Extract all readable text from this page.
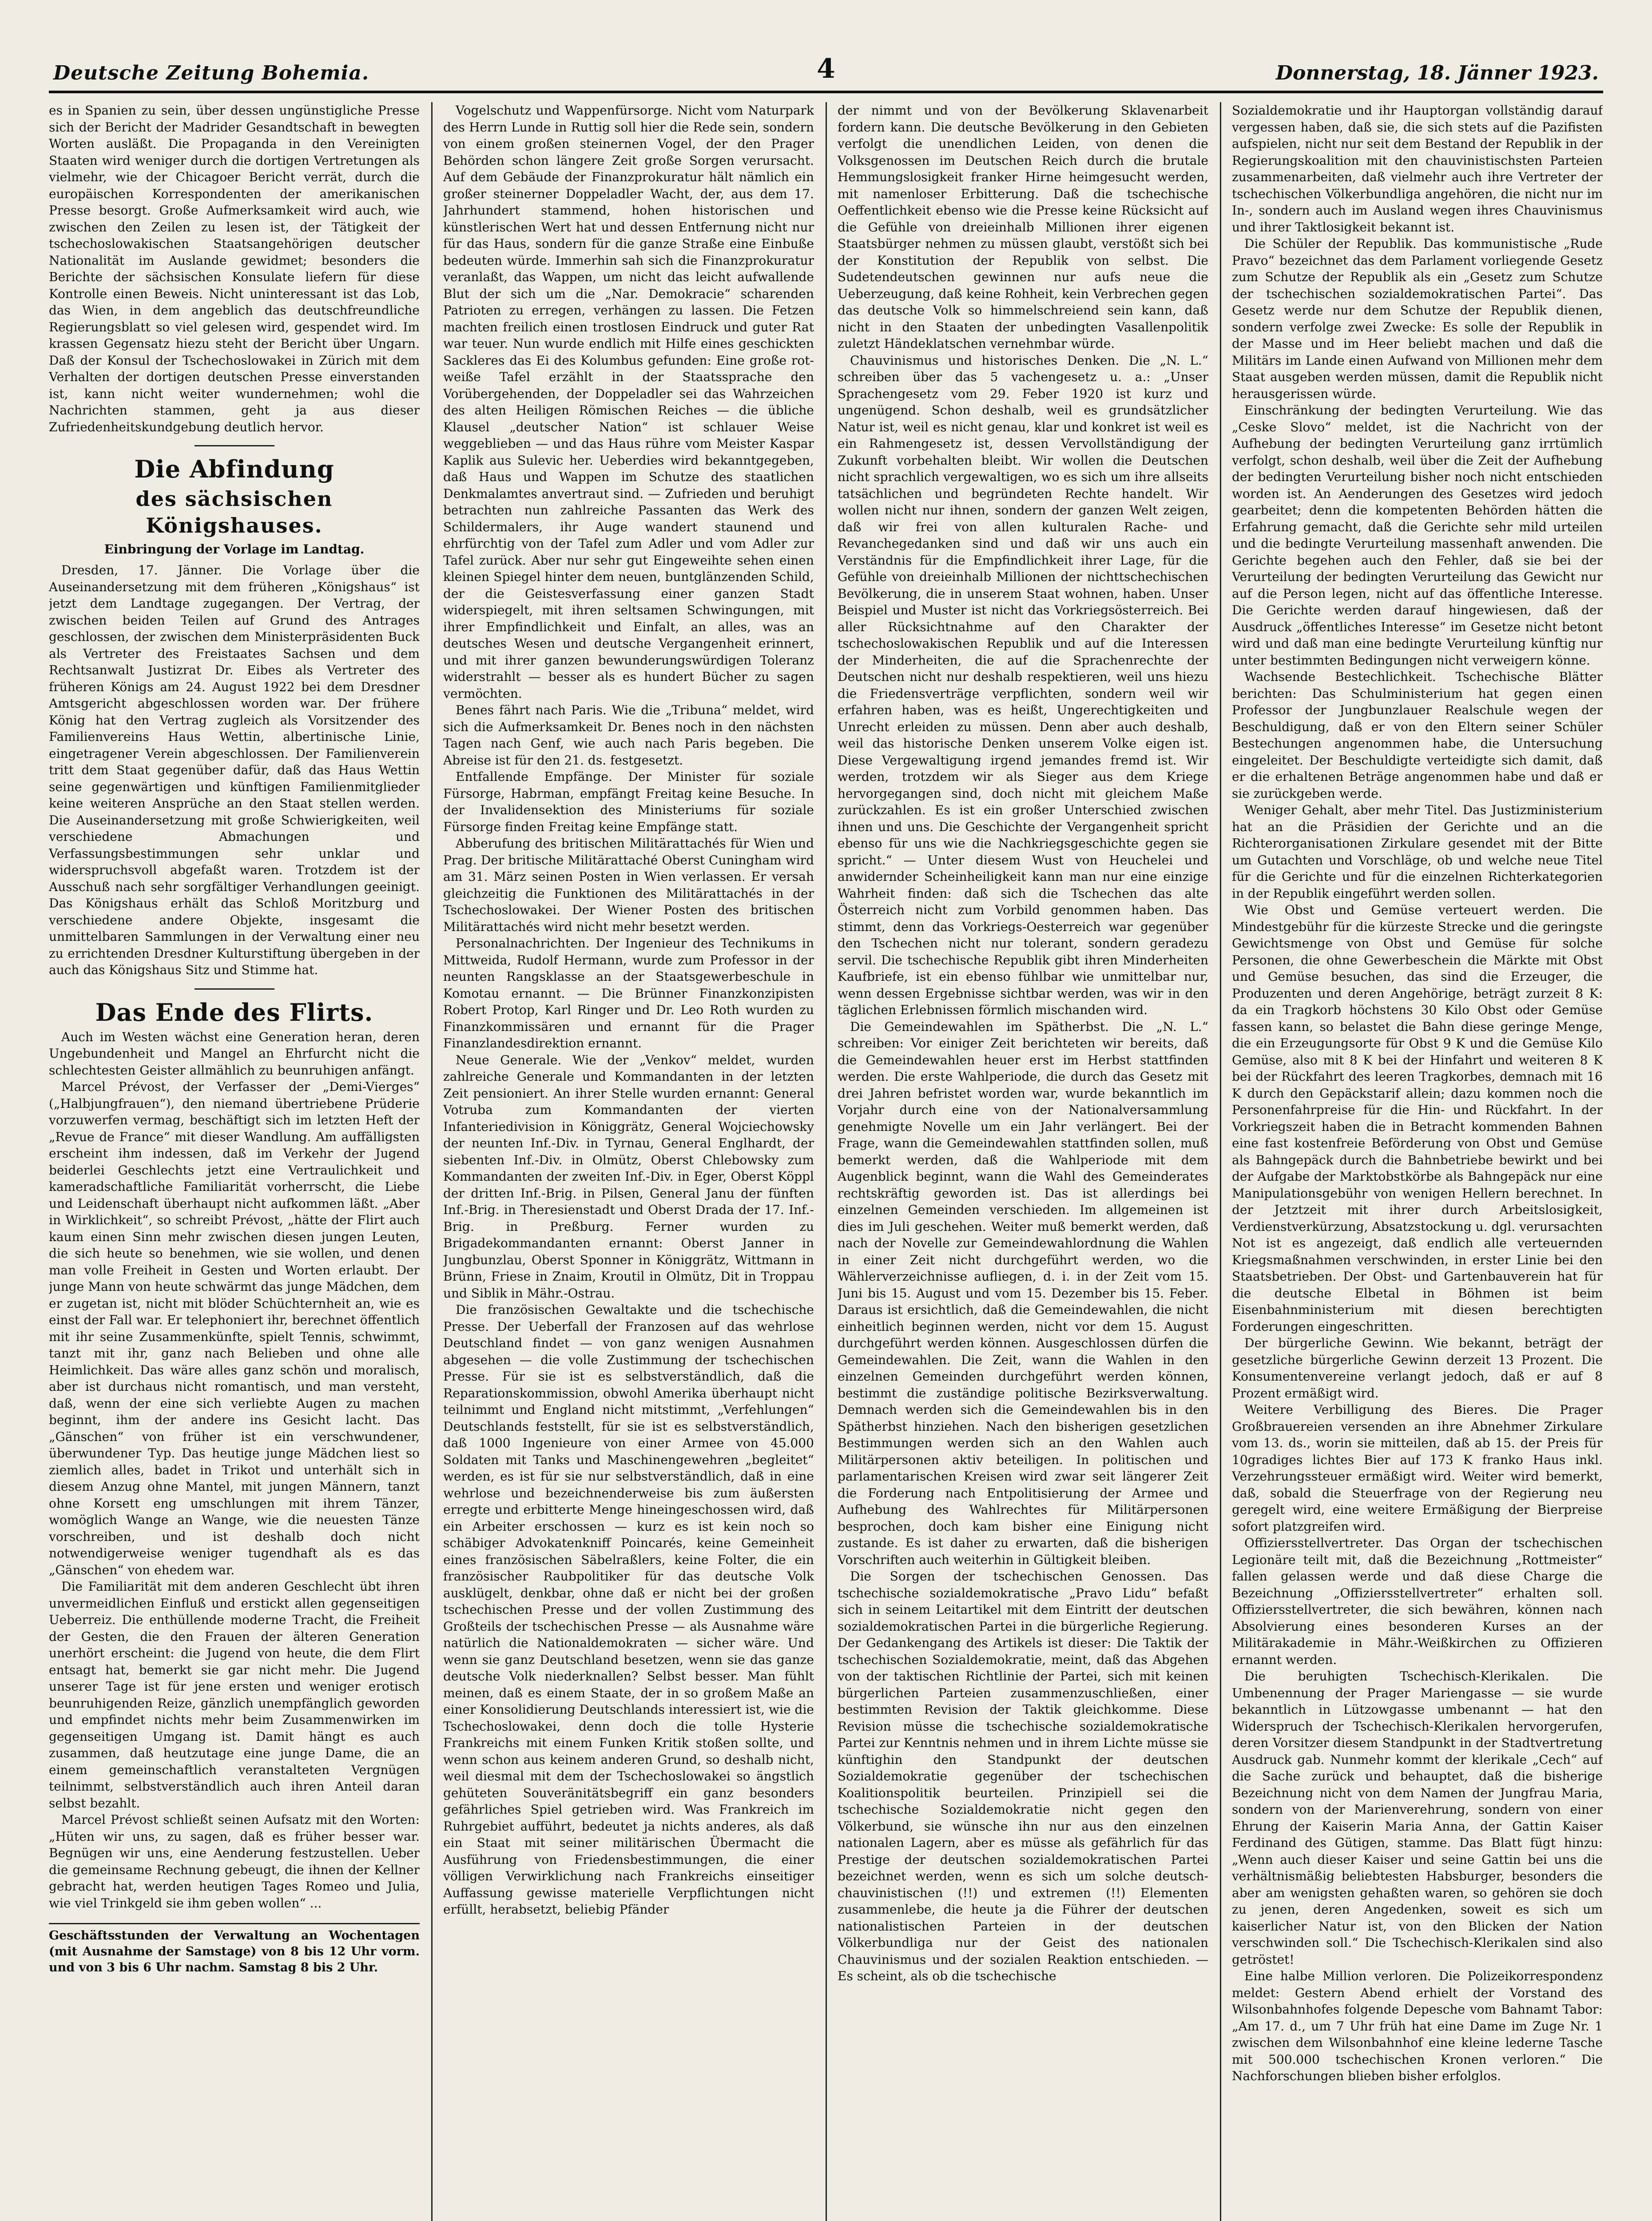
Deutsche Zeitung Bohemia.	4	Donnerstag, 18. Jänner 1923.

es in Spanien zu sein, über dessen ungünstigliche Presse sich der Bericht der Madrider Gesandtschaft in bewegten Worten ausläßt. Die Propaganda in den Vereinigten Staaten wird weniger durch die dortigen Vertretungen als vielmehr, wie der Chicagoer Bericht verrät, durch die europäischen Korrespondenten der amerikanischen Presse besorgt. Große Aufmerksamkeit wird auch, wie zwischen den Zeilen zu lesen ist, der Tätigkeit der tschechoslowakischen Staatsangehörigen deutscher Nationalität im Auslande gewidmet; besonders die Berichte der sächsischen Konsulate liefern für diese Kontrolle einen Beweis. Nicht uninteressant ist das Lob, das Wien, in dem angeblich das deutschfreundliche Regierungsblatt so viel gelesen wird, gespendet wird. Im krassen Gegensatz hiezu steht der Bericht über Ungarn. Daß der Konsul der Tschechoslowakei in Zürich mit dem Verhalten der dortigen deutschen Presse einverstanden ist, kann nicht weiter wundernehmen; wohl die Nachrichten stammen, geht ja aus dieser Zufriedenheitskundgebung deutlich hervor.

Die Abfindung
des sächsischen Königshauses.
Einbringung der Vorlage im Landtag.

Dresden, 17. Jänner. Die Vorlage über die Auseinandersetzung mit dem früheren „Königshaus“ ist jetzt dem Landtage zugegangen. Der Vertrag, der zwischen beiden Teilen auf Grund des Antrages geschlossen, der zwischen dem Ministerpräsidenten Buck als Vertreter des Freistaates Sachsen und dem Rechtsanwalt Justizrat Dr. Eibes als Vertreter des früheren Königs am 24. August 1922 bei dem Dresdner Amtsgericht abgeschlossen worden war. Der frühere König hat den Vertrag zugleich als Vorsitzender des Familienvereins Haus Wettin, albertinische Linie, eingetragener Verein abgeschlossen. Der Familienverein tritt dem Staat gegenüber dafür, daß das Haus Wettin seine gegenwärtigen und künftigen Familienmitglieder keine weiteren Ansprüche an den Staat stellen werden. Die Auseinandersetzung mit große Schwierigkeiten, weil verschiedene Abmachungen und Verfassungsbestimmungen sehr unklar und widerspruchsvoll abgefaßt waren. Trotzdem ist der Ausschuß nach sehr sorgfältiger Verhandlungen geeinigt. Das Königshaus erhält das Schloß Moritzburg und verschiedene andere Objekte, insgesamt die unmittelbaren Sammlungen in der Verwaltung einer neu zu errichtenden Dresdner Kulturstiftung übergeben in der auch das Königshaus Sitz und Stimme hat.

Das Ende des Flirts.

Auch im Westen wächst eine Generation heran, deren Ungebundenheit und Mangel an Ehrfurcht nicht die schlechtesten Geister allmählich zu beunruhigen anfängt.

Marcel Prévost, der Verfasser der „Demi-Vierges“ („Halbjungfrauen“), den niemand übertriebene Prüderie vorzuwerfen vermag, beschäftigt sich im letzten Heft der „Revue de France“ mit dieser Wandlung. Am auffälligsten erscheint ihm indessen, daß im Verkehr der Jugend beiderlei Geschlechts jetzt eine Vertraulichkeit und kameradschaftliche Familiarität vorherrscht, die Liebe und Leidenschaft überhaupt nicht aufkommen läßt. „Aber in Wirklichkeit“, so schreibt Prévost, „hätte der Flirt auch kaum einen Sinn mehr zwischen diesen jungen Leuten, die sich heute so benehmen, wie sie wollen, und denen man volle Freiheit in Gesten und Worten erlaubt. Der junge Mann von heute schwärmt das junge Mädchen, dem er zugetan ist, nicht mit blöder Schüchternheit an, wie es einst der Fall war. Er telephoniert ihr, berechnet öffentlich mit ihr seine Zusammenkünfte, spielt Tennis, schwimmt, tanzt mit ihr, ganz nach Belieben und ohne alle Heimlichkeit. Das wäre alles ganz schön und moralisch, aber ist durchaus nicht romantisch, und man versteht, daß, wenn der eine sich verliebte Augen zu machen beginnt, ihm der andere ins Gesicht lacht. Das „Gänschen“ von früher ist ein verschwundener, überwundener Typ. Das heutige junge Mädchen liest so ziemlich alles, badet in Trikot und unterhält sich in diesem Anzug ohne Mantel, mit jungen Männern, tanzt ohne Korsett eng umschlungen mit ihrem Tänzer, womöglich Wange an Wange, wie die neuesten Tänze vorschreiben, und ist deshalb doch nicht notwendigerweise weniger tugendhaft als es das „Gänschen“ von ehedem war.

Die Familiarität mit dem anderen Geschlecht übt ihren unvermeidlichen Einfluß und erstickt allen gegenseitigen Ueberreiz. Die enthüllende moderne Tracht, die Freiheit der Gesten, die den Frauen der älteren Generation unerhört erscheint: die Jugend von heute, die dem Flirt entsagt hat, bemerkt sie gar nicht mehr. Die Jugend unserer Tage ist für jene ersten und weniger erotisch beunruhigenden Reize, gänzlich unempfänglich geworden und empfindet nichts mehr beim Zusammenwirken im gegenseitigen Umgang ist. Damit hängt es auch zusammen, daß heutzutage eine junge Dame, die an einem gemeinschaftlich veranstalteten Vergnügen teilnimmt, selbstverständlich auch ihren Anteil daran selbst bezahlt.

Marcel Prévost schließt seinen Aufsatz mit den Worten: „Hüten wir uns, zu sagen, daß es früher besser war. Begnügen wir uns, eine Aenderung festzustellen. Ueber die gemeinsame Rechnung gebeugt, die ihnen der Kellner gebracht hat, werden heutigen Tages Romeo und Julia, wie viel Trinkgeld sie ihm geben wollen“ ...

Geschäftsstunden der Verwaltung an Wochentagen (mit Ausnahme der Samstage) von 8 bis 12 Uhr vorm. und von 3 bis 6 Uhr nachm. Samstag 8 bis 2 Uhr.

Vogelschutz und Wappenfürsorge. Nicht vom Naturpark des Herrn Lunde in Ruttig soll hier die Rede sein, sondern von einem großen steinernen Vogel, der den Prager Behörden schon längere Zeit große Sorgen verursacht. Auf dem Gebäude der Finanzprokuratur hält nämlich ein großer steinerner Doppeladler Wacht, der, aus dem 17. Jahrhundert stammend, hohen historischen und künstlerischen Wert hat und dessen Entfernung nicht nur für das Haus, sondern für die ganze Straße eine Einbuße bedeuten würde. Immerhin sah sich die Finanzprokuratur veranlaßt, das Wappen, um nicht das leicht aufwallende Blut der sich um die „Nar. Demokracie“ scharenden Patrioten zu erregen, verhängen zu lassen. Die Fetzen machten freilich einen trostlosen Eindruck und guter Rat war teuer. Nun wurde endlich mit Hilfe eines geschickten Sackleres das Ei des Kolumbus gefunden: Eine große rot-weiße Tafel erzählt in der Staatssprache den Vorübergehenden, der Doppeladler sei das Wahrzeichen des alten Heiligen Römischen Reiches — die übliche Klausel „deutscher Nation“ ist schlauer Weise weggeblieben — und das Haus rühre vom Meister Kaspar Kaplik aus Sulevic her. Ueberdies wird bekanntgegeben, daß Haus und Wappen im Schutze des staatlichen Denkmalamtes anvertraut sind. — Zufrieden und beruhigt betrachten nun zahlreiche Passanten das Werk des Schildermalers, ihr Auge wandert staunend und ehrfürchtig von der Tafel zum Adler und vom Adler zur Tafel zurück. Aber nur sehr gut Eingeweihte sehen einen kleinen Spiegel hinter dem neuen, buntglänzenden Schild, der die Geistesverfassung einer ganzen Stadt widerspiegelt, mit ihren seltsamen Schwingungen, mit ihrer Empfindlichkeit und Einfalt, an alles, was an deutsches Wesen und deutsche Vergangenheit erinnert, und mit ihrer ganzen bewunderungswürdigen Toleranz widerstrahlt — besser als es hundert Bücher zu sagen vermöchten.

Benes fährt nach Paris. Wie die „Tribuna“ meldet, wird sich die Aufmerksamkeit Dr. Benes noch in den nächsten Tagen nach Genf, wie auch nach Paris begeben. Die Abreise ist für den 21. ds. festgesetzt.

Entfallende Empfänge. Der Minister für soziale Fürsorge, Habrman, empfängt Freitag keine Besuche. In der Invalidensektion des Ministeriums für soziale Fürsorge finden Freitag keine Empfänge statt.

Abberufung des britischen Militärattachés für Wien und Prag. Der britische Militärattaché Oberst Cuningham wird am 31. März seinen Posten in Wien verlassen. Er versah gleichzeitig die Funktionen des Militärattachés in der Tschechoslowakei. Der Wiener Posten des britischen Militärattachés wird nicht mehr besetzt werden.

Personalnachrichten. Der Ingenieur des Technikums in Mittweida, Rudolf Hermann, wurde zum Professor in der neunten Rangsklasse an der Staatsgewerbeschule in Komotau ernannt. — Die Brünner Finanzkonzipisten Robert Protop, Karl Ringer und Dr. Leo Roth wurden zu Finanzkommissären und ernannt für die Prager Finanzlandesdirektion ernannt.

Neue Generale. Wie der „Venkov“ meldet, wurden zahlreiche Generale und Kommandanten in der letzten Zeit pensioniert. An ihrer Stelle wurden ernannt: General Votruba zum Kommandanten der vierten Infanteriedivision in Königgrätz, General Wojciechowsky der neunten Inf.-Div. in Tyrnau, General Englhardt, der siebenten Inf.-Div. in Olmütz, Oberst Chlebowsky zum Kommandanten der zweiten Inf.-Div. in Eger, Oberst Köppl der dritten Inf.-Brig. in Pilsen, General Janu der fünften Inf.-Brig. in Theresienstadt und Oberst Drada der 17. Inf.-Brig. in Preßburg. Ferner wurden zu Brigadekommandanten ernannt: Oberst Janner in Jungbunzlau, Oberst Sponner in Königgrätz, Wittmann in Brünn, Friese in Znaim, Kroutil in Olmütz, Dit in Troppau und Siblik in Mähr.-Ostrau.

Die französischen Gewaltakte und die tschechische Presse. Der Ueberfall der Franzosen auf das wehrlose Deutschland findet — von ganz wenigen Ausnahmen abgesehen — die volle Zustimmung der tschechischen Presse. Für sie ist es selbstverständlich, daß die Reparationskommission, obwohl Amerika überhaupt nicht teilnimmt und England nicht mitstimmt, „Verfehlungen“ Deutschlands feststellt, für sie ist es selbstverständlich, daß 1000 Ingenieure von einer Armee von 45.000 Soldaten mit Tanks und Maschinengewehren „begleitet“ werden, es ist für sie nur selbstverständlich, daß in eine wehrlose und bezeichnenderweise bis zum äußersten erregte und erbitterte Menge hineingeschossen wird, daß ein Arbeiter erschossen — kurz es ist kein noch so schäbiger Advokatenkniff Poincarés, keine Gemeinheit eines französischen Säbelraßlers, keine Folter, die ein französischer Raubpolitiker für das deutsche Volk ausklügelt, denkbar, ohne daß er nicht bei der großen tschechischen Presse und der vollen Zustimmung des Großteils der tschechischen Presse — als Ausnahme wäre natürlich die Nationaldemokraten — sicher wäre. Und wenn sie ganz Deutschland besetzen, wenn sie das ganze deutsche Volk niederknallen? Selbst besser. Man fühlt meinen, daß es einem Staate, der in so großem Maße an einer Konsolidierung Deutschlands interessiert ist, wie die Tschechoslowakei, denn doch die tolle Hysterie Frankreichs mit einem Funken Kritik stoßen sollte, und wenn schon aus keinem anderen Grund, so deshalb nicht, weil diesmal mit dem der Tschechoslowakei so ängstlich gehüteten Souveränitätsbegriff ein ganz besonders gefährliches Spiel getrieben wird. Was Frankreich im Ruhrgebiet aufführt, bedeutet ja nichts anderes, als daß ein Staat mit seiner militärischen Übermacht die Ausführung von Friedensbestimmungen, die einer völligen Verwirklichung nach Frankreichs einseitiger Auffassung gewisse materielle Verpflichtungen nicht erfüllt, herabsetzt, beliebig Pfänder

der nimmt und von der Bevölkerung Sklavenarbeit fordern kann. Die deutsche Bevölkerung in den Gebieten verfolgt die unendlichen Leiden, von denen die Volksgenossen im Deutschen Reich durch die brutale Hemmungslosigkeit franker Hirne heimgesucht werden, mit namenloser Erbitterung. Daß die tschechische Oeffentlichkeit ebenso wie die Presse keine Rücksicht auf die Gefühle von dreieinhalb Millionen ihrer eigenen Staatsbürger nehmen zu müssen glaubt, verstößt sich bei der Konstitution der Republik von selbst. Die Sudetendeutschen gewinnen nur aufs neue die Ueberzeugung, daß keine Rohheit, kein Verbrechen gegen das deutsche Volk so himmelschreiend sein kann, daß nicht in den Staaten der unbedingten Vasallenpolitik zuletzt Händeklatschen vernehmbar würde.

Chauvinismus und historisches Denken. Die „N. L.“ schreiben über das 5 vachengesetz u. a.: „Unser Sprachengesetz vom 29. Feber 1920 ist kurz und ungenügend. Schon deshalb, weil es grundsätzlicher Natur ist, weil es nicht genau, klar und konkret ist weil es ein Rahmengesetz ist, dessen Vervollständigung der Zukunft vorbehalten bleibt. Wir wollen die Deutschen nicht sprachlich vergewaltigen, wo es sich um ihre allseits tatsächlichen und begründeten Rechte handelt. Wir wollen nicht nur ihnen, sondern der ganzen Welt zeigen, daß wir frei von allen kulturalen Rache- und Revanchegedanken sind und daß wir uns auch ein Verständnis für die Empfindlichkeit ihrer Lage, für die Gefühle von dreieinhalb Millionen der nichttschechischen Bevölkerung, die in unserem Staat wohnen, haben. Unser Beispiel und Muster ist nicht das Vorkriegsösterreich. Bei aller Rücksichtnahme auf den Charakter der tschechoslowakischen Republik und auf die Interessen der Minderheiten, die auf die Sprachenrechte der Deutschen nicht nur deshalb respektieren, weil uns hiezu die Friedensverträge verpflichten, sondern weil wir erfahren haben, was es heißt, Ungerechtigkeiten und Unrecht erleiden zu müssen. Denn aber auch deshalb, weil das historische Denken unserem Volke eigen ist. Diese Vergewaltigung irgend jemandes fremd ist. Wir werden, trotzdem wir als Sieger aus dem Kriege hervorgegangen sind, doch nicht mit gleichem Maße zurückzahlen. Es ist ein großer Unterschied zwischen ihnen und uns. Die Geschichte der Vergangenheit spricht ebenso für uns wie die Nachkriegsgeschichte gegen sie spricht.“ — Unter diesem Wust von Heuchelei und anwidernder Scheinheiligkeit kann man nur eine einzige Wahrheit finden: daß sich die Tschechen das alte Österreich nicht zum Vorbild genommen haben. Das stimmt, denn das Vorkriegs-Oesterreich war gegenüber den Tschechen nicht nur tolerant, sondern geradezu servil. Die tschechische Republik gibt ihren Minderheiten Kaufbriefe, ist ein ebenso fühlbar wie unmittelbar nur, wenn dessen Ergebnisse sichtbar werden, was wir in den täglichen Erlebnissen förmlich mischanden wird.

Die Gemeindewahlen im Spätherbst. Die „N. L.“ schreiben: Vor einiger Zeit berichteten wir bereits, daß die Gemeindewahlen heuer erst im Herbst stattfinden werden. Die erste Wahlperiode, die durch das Gesetz mit drei Jahren befristet worden war, wurde bekanntlich im Vorjahr durch eine von der Nationalversammlung genehmigte Novelle um ein Jahr verlängert. Bei der Frage, wann die Gemeindewahlen stattfinden sollen, muß bemerkt werden, daß die Wahlperiode mit dem Augenblick beginnt, wann die Wahl des Gemeinderates rechtskräftig geworden ist. Das ist allerdings bei einzelnen Gemeinden verschieden. Im allgemeinen ist dies im Juli geschehen. Weiter muß bemerkt werden, daß nach der Novelle zur Gemeindewahlordnung die Wahlen in einer Zeit nicht durchgeführt werden, wo die Wählerverzeichnisse aufliegen, d. i. in der Zeit vom 15. Juni bis 15. August und vom 15. Dezember bis 15. Feber. Daraus ist ersichtlich, daß die Gemeindewahlen, die nicht einheitlich beginnen werden, nicht vor dem 15. August durchgeführt werden können. Ausgeschlossen dürfen die Gemeindewahlen. Die Zeit, wann die Wahlen in den einzelnen Gemeinden durchgeführt werden können, bestimmt die zuständige politische Bezirksverwaltung. Demnach werden sich die Gemeindewahlen bis in den Spätherbst hinziehen. Nach den bisherigen gesetzlichen Bestimmungen werden sich an den Wahlen auch Militärpersonen aktiv beteiligen. In politischen und parlamentarischen Kreisen wird zwar seit längerer Zeit die Forderung nach Entpolitisierung der Armee und Aufhebung des Wahlrechtes für Militärpersonen besprochen, doch kam bisher eine Einigung nicht zustande. Es ist daher zu erwarten, daß die bisherigen Vorschriften auch weiterhin in Gültigkeit bleiben.

Die Sorgen der tschechischen Genossen. Das tschechische sozialdemokratische „Pravo Lidu“ befaßt sich in seinem Leitartikel mit dem Eintritt der deutschen sozialdemokratischen Partei in die bürgerliche Regierung. Der Gedankengang des Artikels ist dieser: Die Taktik der tschechischen Sozialdemokratie, meint, daß das Abgehen von der taktischen Richtlinie der Partei, sich mit keinen bürgerlichen Parteien zusammenzuschließen, einer bestimmten Revision der Taktik gleichkomme. Diese Revision müsse die tschechische sozialdemokratische Partei zur Kenntnis nehmen und in ihrem Lichte müsse sie künftighin den Standpunkt der deutschen Sozialdemokratie gegenüber der tschechischen Koalitionspolitik beurteilen. Prinzipiell sei die tschechische Sozialdemokratie nicht gegen den Völkerbund, sie wünsche ihn nur aus den einzelnen nationalen Lagern, aber es müsse als gefährlich für das Prestige der deutschen sozialdemokratischen Partei bezeichnet werden, wenn es sich um solche deutsch-chauvinistischen (!!) und extremen (!!) Elementen zusammenlebe, die heute ja die Führer der deutschen nationalistischen Parteien in der deutschen Völkerbundliga nur der Geist des nationalen Chauvinismus und der sozialen Reaktion entschieden. — Es scheint, als ob die tschechische

Sozialdemokratie und ihr Hauptorgan vollständig darauf vergessen haben, daß sie, die sich stets auf die Pazifisten aufspielen, nicht nur seit dem Bestand der Republik in der Regierungskoalition mit den chauvinistischsten Parteien zusammenarbeiten, daß vielmehr auch ihre Vertreter der tschechischen Völkerbundliga angehören, die nicht nur im In-, sondern auch im Ausland wegen ihres Chauvinismus und ihrer Taktlosigkeit bekannt ist.

Die Schüler der Republik. Das kommunistische „Rude Pravo“ bezeichnet das dem Parlament vorliegende Gesetz zum Schutze der Republik als ein „Gesetz zum Schutze der tschechischen sozialdemokratischen Partei“. Das Gesetz werde nur dem Schutze der Republik dienen, sondern verfolge zwei Zwecke: Es solle der Republik in der Masse und im Heer beliebt machen und daß die Militärs im Lande einen Aufwand von Millionen mehr dem Staat ausgeben werden müssen, damit die Republik nicht herausgerissen würde.

Einschränkung der bedingten Verurteilung. Wie das „Ceske Slovo“ meldet, ist die Nachricht von der Aufhebung der bedingten Verurteilung ganz irrtümlich verfolgt, schon deshalb, weil über die Zeit der Aufhebung der bedingten Verurteilung bisher noch nicht entschieden worden ist. An Aenderungen des Gesetzes wird jedoch gearbeitet; denn die kompetenten Behörden hätten die Erfahrung gemacht, daß die Gerichte sehr mild urteilen und die bedingte Verurteilung massenhaft anwenden. Die Gerichte begehen auch den Fehler, daß sie bei der Verurteilung der bedingten Verurteilung das Gewicht nur auf die Person legen, nicht auf das öffentliche Interesse. Die Gerichte werden darauf hingewiesen, daß der Ausdruck „öffentliches Interesse“ im Gesetze nicht betont wird und daß man eine bedingte Verurteilung künftig nur unter bestimmten Bedingungen nicht verweigern könne.

Wachsende Bestechlichkeit. Tschechische Blätter berichten: Das Schulministerium hat gegen einen Professor der Jungbunzlauer Realschule wegen der Beschuldigung, daß er von den Eltern seiner Schüler Bestechungen angenommen habe, die Untersuchung eingeleitet. Der Beschuldigte verteidigte sich damit, daß er die erhaltenen Beträge angenommen habe und daß er sie zurückgeben werde.

Weniger Gehalt, aber mehr Titel. Das Justizministerium hat an die Präsidien der Gerichte und an die Richterorganisationen Zirkulare gesendet mit der Bitte um Gutachten und Vorschläge, ob und welche neue Titel für die Gerichte und für die einzelnen Richterkategorien in der Republik eingeführt werden sollen.

Wie Obst und Gemüse verteuert werden. Die Mindestgebühr für die kürzeste Strecke und die geringste Gewichtsmenge von Obst und Gemüse für solche Personen, die ohne Gewerbeschein die Märkte mit Obst und Gemüse besuchen, das sind die Erzeuger, die Produzenten und deren Angehörige, beträgt zurzeit 8 K: da ein Tragkorb höchstens 30 Kilo Obst oder Gemüse fassen kann, so belastet die Bahn diese geringe Menge, die ein Erzeugungsorte für Obst 9 K und die Gemüse Kilo Gemüse, also mit 8 K bei der Hinfahrt und weiteren 8 K bei der Rückfahrt des leeren Tragkorbes, demnach mit 16 K durch den Gepäckstarif allein; dazu kommen noch die Personenfahrpreise für die Hin- und Rückfahrt. In der Vorkriegszeit haben die in Betracht kommenden Bahnen eine fast kostenfreie Beförderung von Obst und Gemüse als Bahngepäck durch die Bahnbetriebe bewirkt und bei der Aufgabe der Marktobstkörbe als Bahngepäck nur eine Manipulationsgebühr von wenigen Hellern berechnet. In der Jetztzeit mit ihrer durch Arbeitslosigkeit, Verdienstverkürzung, Absatzstockung u. dgl. verursachten Not ist es angezeigt, daß endlich alle verteuernden Kriegsmaßnahmen verschwinden, in erster Linie bei den Staatsbetrieben. Der Obst- und Gartenbauverein hat für die deutsche Elbetal in Böhmen ist beim Eisenbahnministerium mit diesen berechtigten Forderungen eingeschritten.

Der bürgerliche Gewinn. Wie bekannt, beträgt der gesetzliche bürgerliche Gewinn derzeit 13 Prozent. Die Konsumentenvereine verlangt jedoch, daß er auf 8 Prozent ermäßigt wird.

Weitere Verbilligung des Bieres. Die Prager Großbrauereien versenden an ihre Abnehmer Zirkulare vom 13. ds., worin sie mitteilen, daß ab 15. der Preis für 10gradiges lichtes Bier auf 173 K franko Haus inkl. Verzehrungssteuer ermäßigt wird. Weiter wird bemerkt, daß, sobald die Steuerfrage von der Regierung neu geregelt wird, eine weitere Ermäßigung der Bierpreise sofort platzgreifen wird.

Offiziersstellvertreter. Das Organ der tschechischen Legionäre teilt mit, daß die Bezeichnung „Rottmeister“ fallen gelassen werde und daß diese Charge die Bezeichnung „Offiziersstellvertreter“ erhalten soll. Offiziersstellvertreter, die sich bewähren, können nach Absolvierung eines besonderen Kurses an der Militärakademie in Mähr.-Weißkirchen zu Offizieren ernannt werden.

Die beruhigten Tschechisch-Klerikalen. Die Umbenennung der Prager Mariengasse — sie wurde bekanntlich in Lützowgasse umbenannt — hat den Widerspruch der Tschechisch-Klerikalen hervorgerufen, deren Vorsitzer diesem Standpunkt in der Stadtvertretung Ausdruck gab. Nunmehr kommt der klerikale „Cech“ auf die Sache zurück und behauptet, daß die bisherige Bezeichnung nicht von dem Namen der Jungfrau Maria, sondern von der Marienverehrung, sondern von einer Ehrung der Kaiserin Maria Anna, der Gattin Kaiser Ferdinand des Gütigen, stamme. Das Blatt fügt hinzu: „Wenn auch dieser Kaiser und seine Gattin bei uns die verhältnismäßig beliebtesten Habsburger, besonders die aber am wenigsten gehaßten waren, so gehören sie doch zu jenen, deren Angedenken, soweit es sich um kaiserlicher Natur ist, von den Blicken der Nation verschwinden soll.“ Die Tschechisch-Klerikalen sind also getröstet!

Eine halbe Million verloren. Die Polizeikorrespondenz meldet: Gestern Abend erhielt der Vorstand des Wilsonbahnhofes folgende Depesche vom Bahnamt Tabor: „Am 17. d., um 7 Uhr früh hat eine Dame im Zuge Nr. 1 zwischen dem Wilsonbahnhof eine kleine lederne Tasche mit 500.000 tschechischen Kronen verloren.“ Die Nachforschungen blieben bisher erfolglos.
